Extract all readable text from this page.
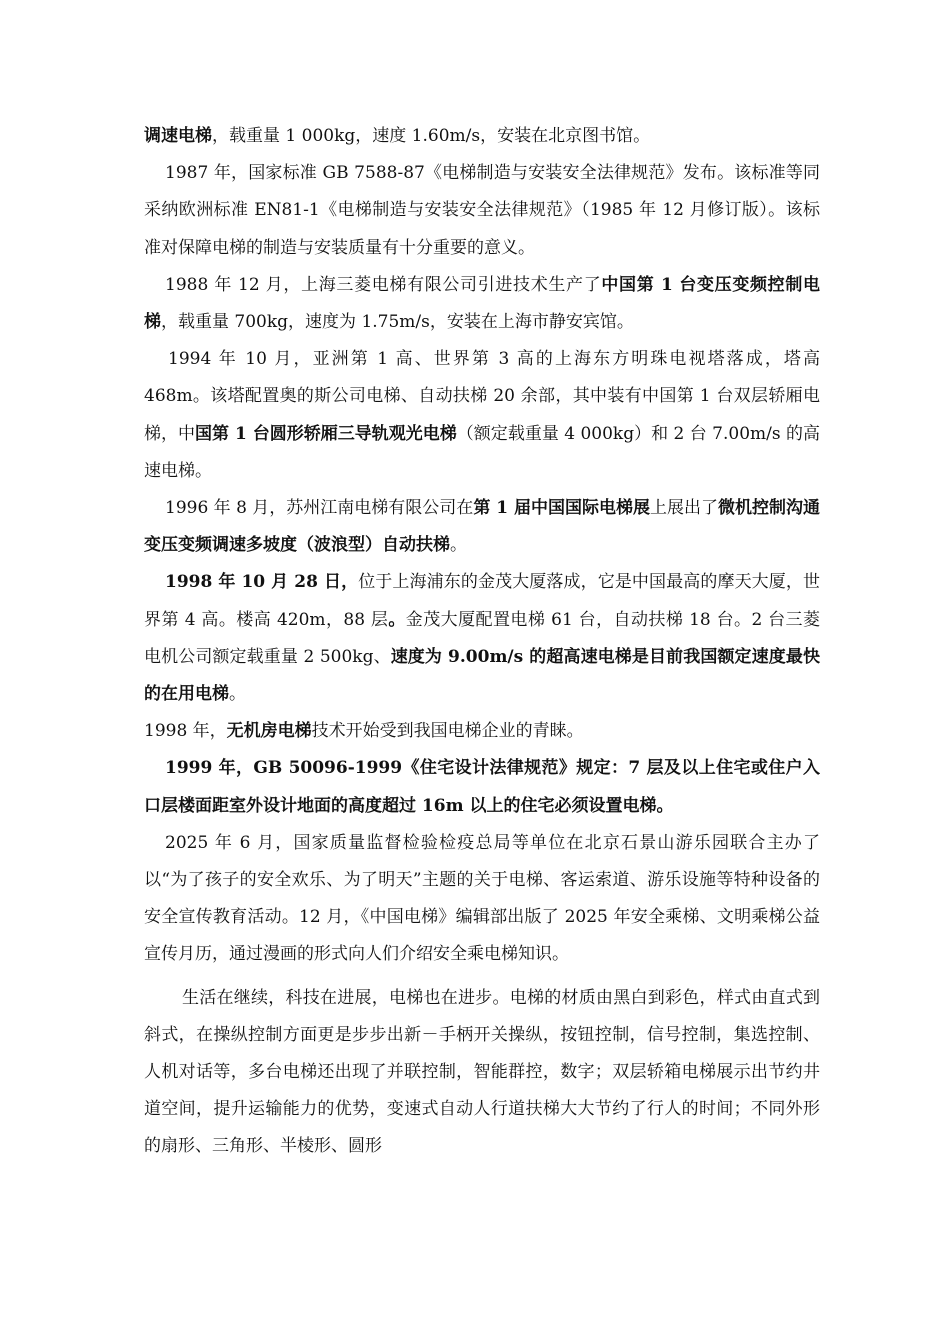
调速电梯，载重量 1 000kg，速度 1.60m/s，安装在北京图书馆。

1987 年，国家标准 GB 7588-87《电梯制造与安装安全法律规范》发布。该标准等同采纳欧洲标准 EN81-1《电梯制造与安装安全法律规范》（1985 年 12 月修订版）。该标准对保障电梯的制造与安装质量有十分重要的意义。

1988 年 12 月，上海三菱电梯有限公司引进技术生产了中国第 1 台变压变频控制电梯，载重量 700kg，速度为 1.75m/s，安装在上海市静安宾馆。

1994 年 10 月，亚洲第 1 高、世界第 3 高的上海东方明珠电视塔落成，塔高 468m。该塔配置奥的斯公司电梯、自动扶梯 20 余部，其中装有中国第 1 台双层轿厢电梯，中国第 1 台圆形轿厢三导轨观光电梯（额定载重量 4 000kg）和 2 台 7.00m/s 的高速电梯。

1996 年 8 月，苏州江南电梯有限公司在第 1 届中国国际电梯展上展出了微机控制沟通变压变频调速多坡度（波浪型）自动扶梯。

1998 年 10 月 28 日，位于上海浦东的金茂大厦落成，它是中国最高的摩天大厦，世界第 4 高。楼高 420m，88 层。金茂大厦配置电梯 61 台，自动扶梯 18 台。2 台三菱电机公司额定载重量 2 500kg、速度为 9.00m/s 的超高速电梯是目前我国额定速度最快的在用电梯。

1998 年，无机房电梯技术开始受到我国电梯企业的青睐。

1999 年，GB 50096-1999《住宅设计法律规范》规定：7 层及以上住宅或住户入口层楼面距室外设计地面的高度超过 16m 以上的住宅必须设置电梯。

2025 年 6 月，国家质量监督检验检疫总局等单位在北京石景山游乐园联合主办了以“为了孩子的安全欢乐、为了明天”主题的关于电梯、客运索道、游乐设施等特种设备的安全宣传教育活动。12 月，《中国电梯》编辑部出版了 2025 年安全乘梯、文明乘梯公益宣传月历，通过漫画的形式向人们介绍安全乘电梯知识。

生活在继续，科技在进展，电梯也在进步。电梯的材质由黑白到彩色，样式由直式到斜式，在操纵控制方面更是步步出新－手柄开关操纵，按钮控制，信号控制，集选控制、人机对话等，多台电梯还出现了并联控制，智能群控，数字；双层轿箱电梯展示出节约井道空间，提升运输能力的优势，变速式自动人行道扶梯大大节约了行人的时间；不同外形的扇形、三角形、半棱形、圆形
